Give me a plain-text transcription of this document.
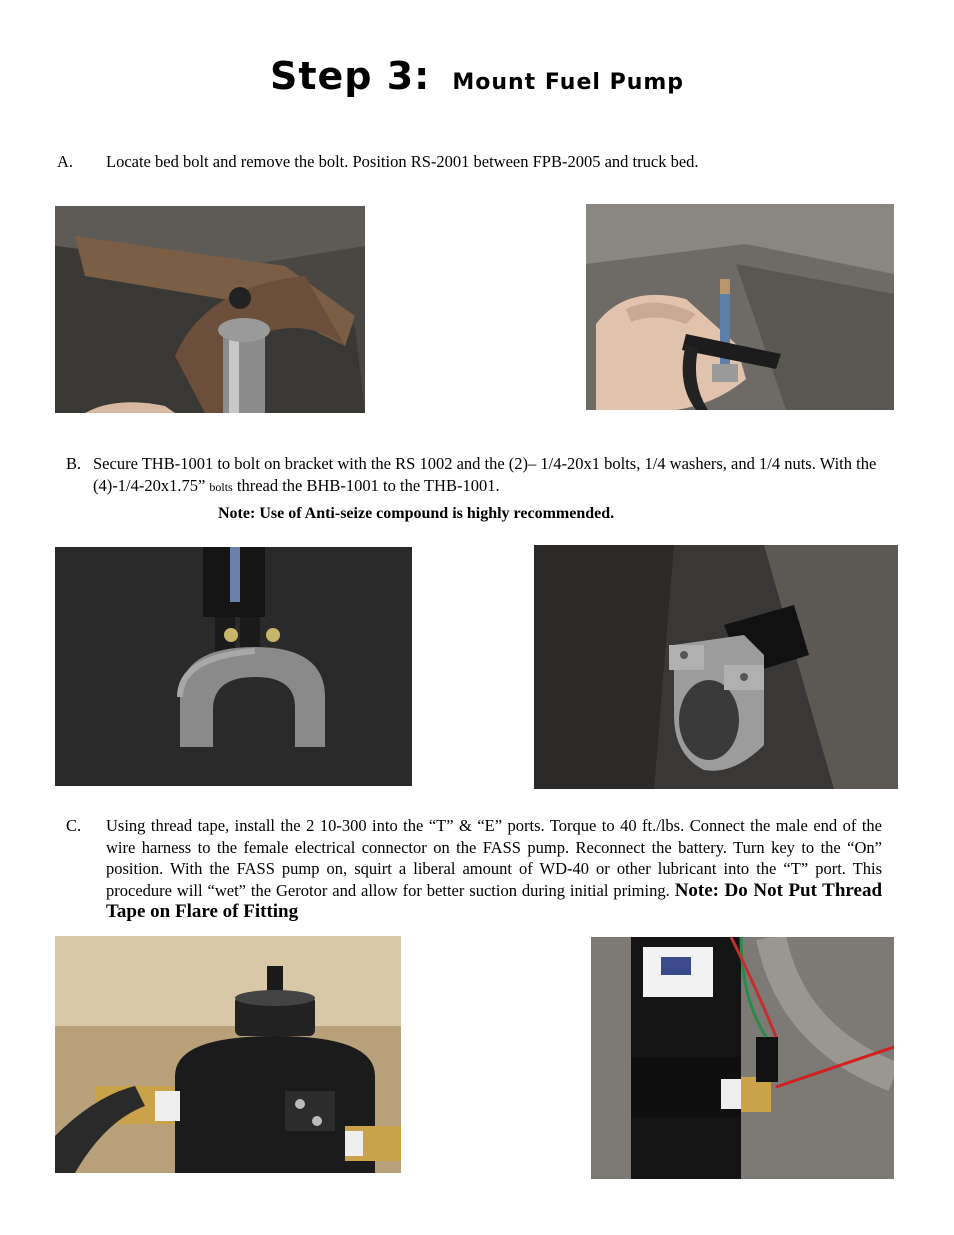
Step 3: Mount Fuel Pump
A. Locate bed bolt and remove the bolt. Position RS-2001 between FPB-2005 and truck bed.
B. Secure THB-1001 to bolt on bracket with the RS 1002 and the (2)– 1/4-20x1 bolts, 1/4 washers, and 1/4 nuts. With the (4)-1/4-20x1.75” bolts thread the BHB-1001 to the THB-1001.
Note: Use of Anti-seize compound is highly recommended.
C. Using thread tape, install the 2 10-300 into the “T” & “E” ports. Torque to 40 ft./lbs. Connect the male end of the wire harness to the female electrical connector on the FASS pump. Reconnect the battery. Turn key to the “On” position. With the FASS pump on, squirt a liberal amount of WD-40 or other lubricant into the “T” port. This procedure will “wet” the Gerotor and allow for better suction during initial priming. Note: Do Not Put Thread Tape on Flare of Fitting
